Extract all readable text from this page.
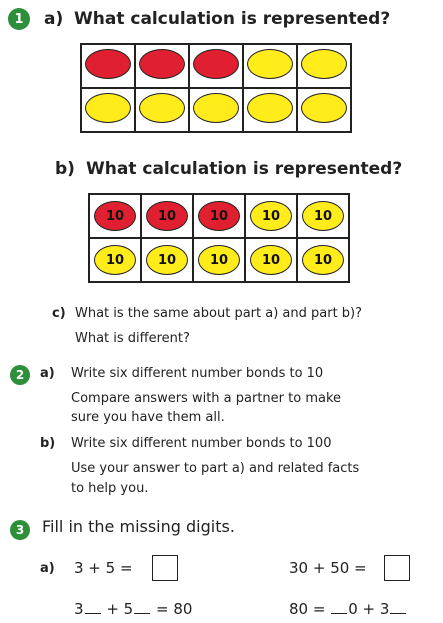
1	a) What calculation is represented?

b) What calculation is represented?
10	10	10	10	10
10	10	10	10	10
c) What is the same about part a) and part b)?
What is different?
2	a) Write six different number bonds to 10
Compare answers with a partner to make
sure you have them all.
b) Write six different number bonds to 100
Use your answer to part a) and related facts
to help you.
3	Fill in the missing digits.
a) 3 + 5 =	30 + 50 =
3 + 5 = 80	80 = 0 + 3
